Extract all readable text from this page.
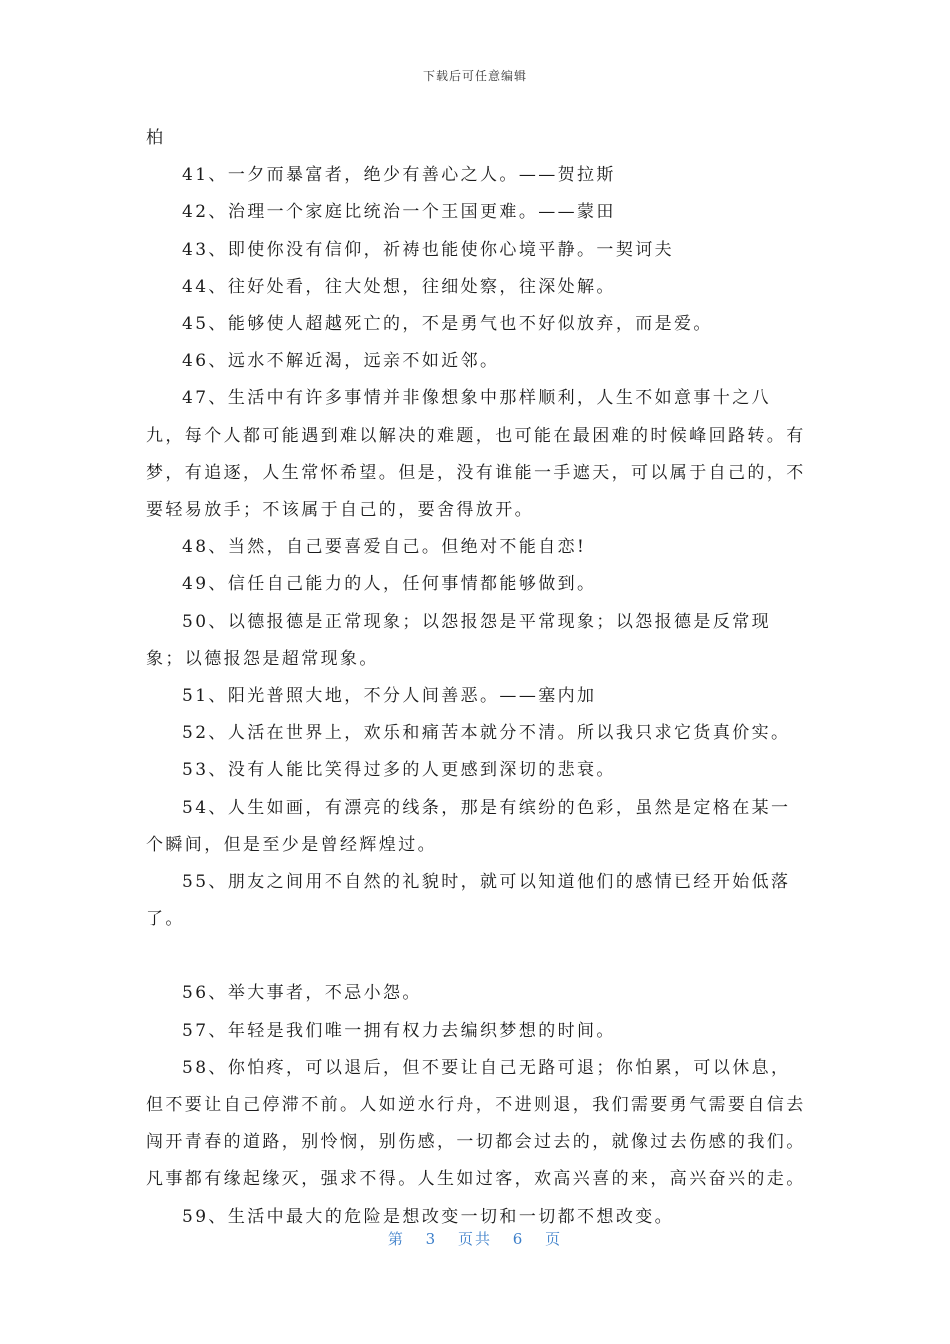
下载后可任意编辑

柏

41、一夕而暴富者，绝少有善心之人。——贺拉斯

42、治理一个家庭比统治一个王国更难。——蒙田

43、即使你没有信仰，祈祷也能使你心境平静。一契诃夫

44、往好处看，往大处想，往细处察，往深处解。

45、能够使人超越死亡的，不是勇气也不好似放弃，而是爱。

46、远水不解近渴，远亲不如近邻。

47、生活中有许多事情并非像想象中那样顺利，人生不如意事十之八九，每个人都可能遇到难以解决的难题，也可能在最困难的时候峰回路转。有梦，有追逐，人生常怀希望。但是，没有谁能一手遮天，可以属于自己的，不要轻易放手；不该属于自己的，要舍得放开。

48、当然，自己要喜爱自己。但绝对不能自恋!

49、信任自己能力的人，任何事情都能够做到。

50、以德报德是正常现象；以怨报怨是平常现象；以怨报德是反常现象；以德报怨是超常现象。

51、阳光普照大地，不分人间善恶。——塞内加

52、人活在世界上，欢乐和痛苦本就分不清。所以我只求它货真价实。

53、没有人能比笑得过多的人更感到深切的悲衰。

54、人生如画，有漂亮的线条，那是有缤纷的色彩，虽然是定格在某一个瞬间，但是至少是曾经辉煌过。

55、朋友之间用不自然的礼貌时，就可以知道他们的感情已经开始低落了。

56、举大事者，不忌小怨。

57、年轻是我们唯一拥有权力去编织梦想的时间。

58、你怕疼，可以退后，但不要让自己无路可退；你怕累，可以休息，但不要让自己停滞不前。人如逆水行舟，不进则退，我们需要勇气需要自信去闯开青春的道路，别怜悯，别伤感，一切都会过去的，就像过去伤感的我们。凡事都有缘起缘灭，强求不得。人生如过客，欢高兴喜的来，高兴奋兴的走。

59、生活中最大的危险是想改变一切和一切都不想改变。

第 3 页共 6 页
